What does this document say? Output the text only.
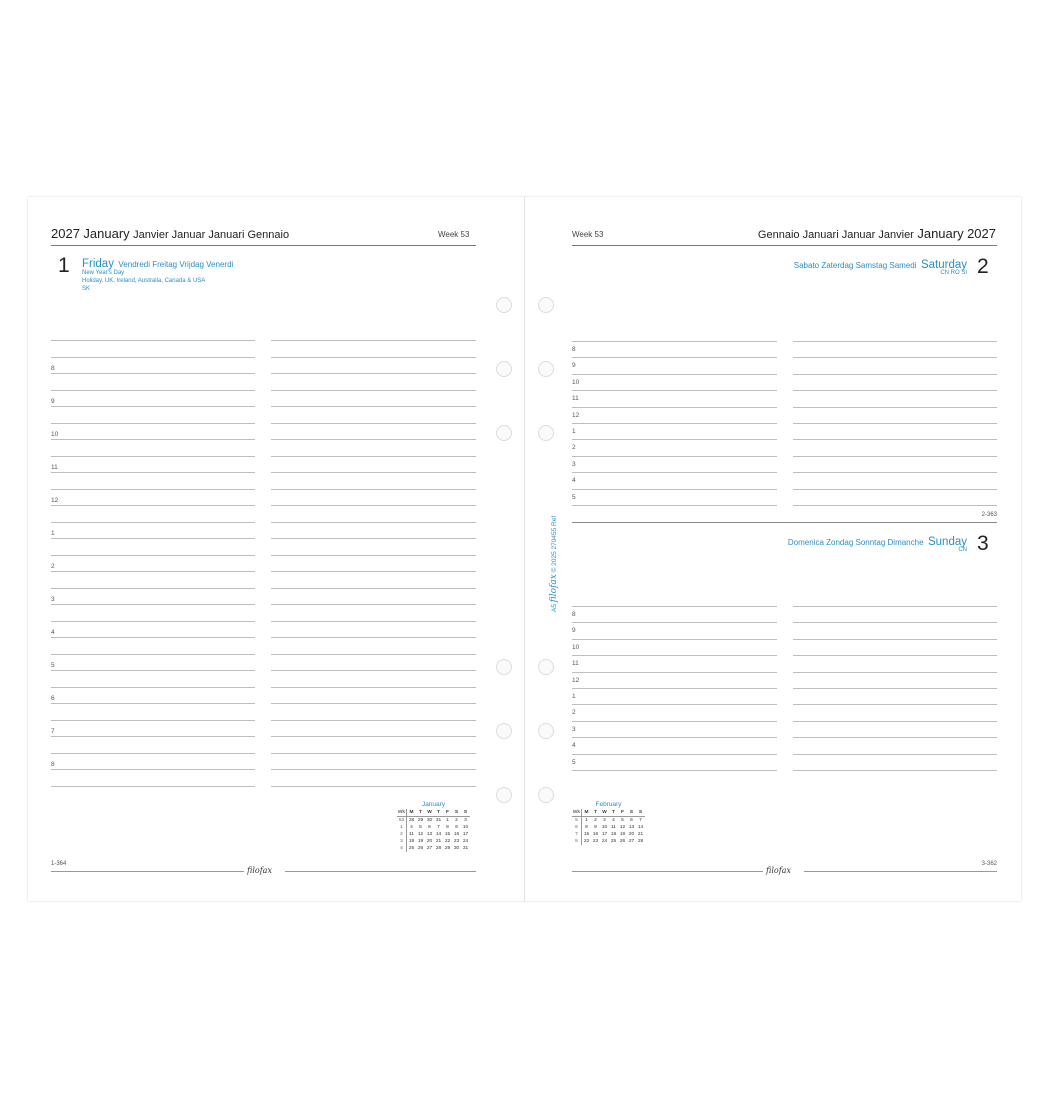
2027 January Janvier Januar Januari Gennaio	Week 53
1 Friday Vendredi Freitag Vrijdag Venerdi
New Year's Day
Holiday, UK, Ireland, Australia, Canada & USA
SK
8
9
10
11
12
1
2
3
4
5
6
7
8
January
Wk	M	T	W	T	F	S	S
53	28	29	30	31	1	2	3
1	4	5	6	7	8	9	10
2	11	12	13	14	15	16	17
3	18	19	20	21	22	23	24
4	25	26	27	28	29	30	31
1-364
filofax
A5 filofax © 2025 270455 Ref
Week 53	Gennaio Januari Januar Janvier January 2027
Sabato Zaterdag Samstag Samedi Saturday
CN RO SI 2
8
9
10
11
12
1
2
3
4
5
2-363
Domenica Zondag Sonntag Dimanche Sunday
CN 3
8
9
10
11
12
1
2
3
4
5
February
Wk	M	T	W	T	F	S	S
5	1	2	3	4	5	6	7
6	8	9	10	11	12	13	14
7	15	16	17	18	19	20	21
8	22	23	24	25	26	27	28
filofax
3-362
